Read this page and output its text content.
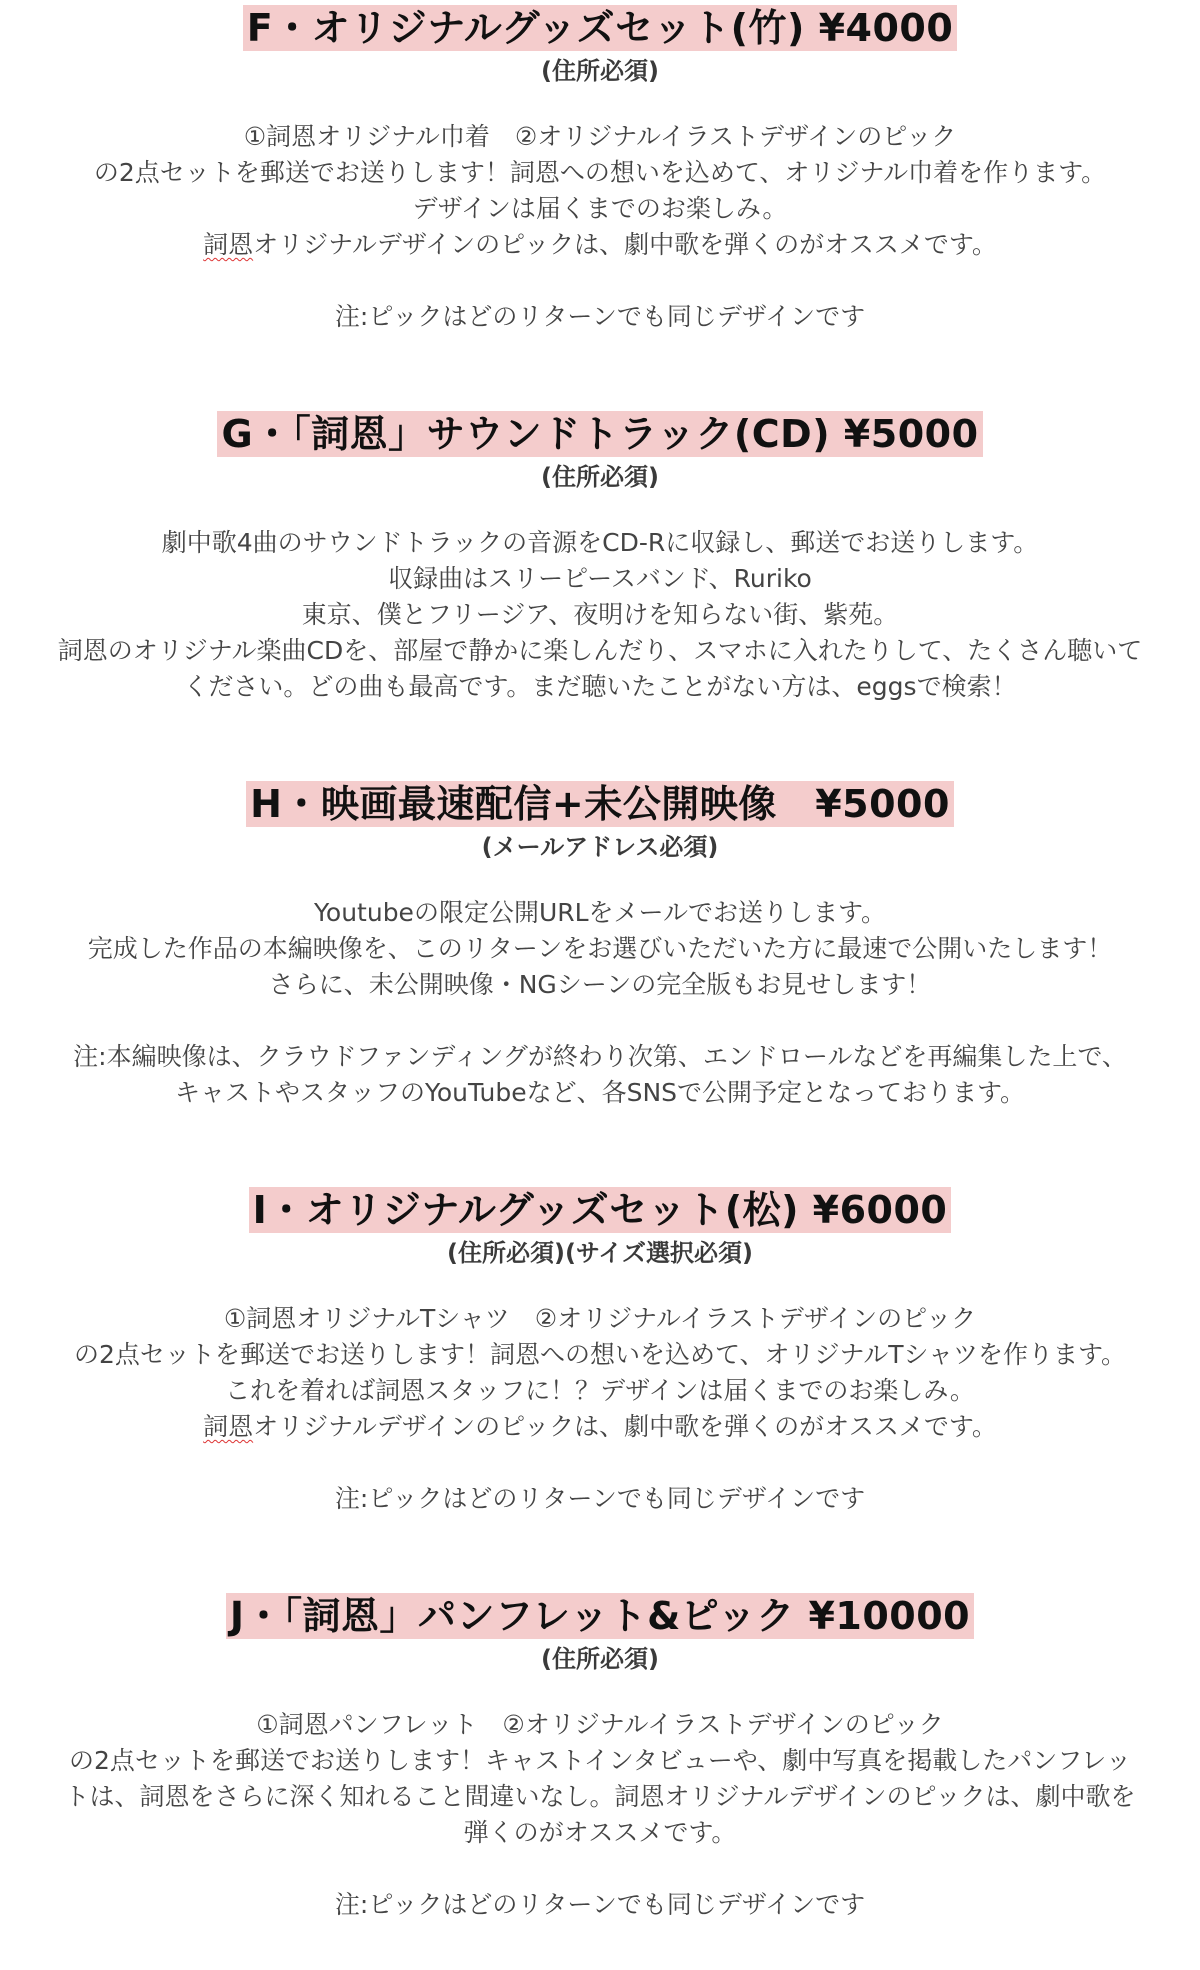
F・オリジナルグッズセット(竹) ¥4000
(住所必須)
①詞恩オリジナル巾着　②オリジナルイラストデザインのピック
の2点セットを郵送でお送りします！詞恩への想いを込めて、オリジナル巾着を作ります。
デザインは届くまでのお楽しみ。
詞恩オリジナルデザインのピックは、劇中歌を弾くのがオススメです。
注:ピックはどのリターンでも同じデザインです
G・「詞恩」サウンドトラック(CD) ¥5000
(住所必須)
劇中歌4曲のサウンドトラックの音源をCD-Rに収録し、郵送でお送りします。
収録曲はスリーピースバンド、Ruriko
東京、僕とフリージア、夜明けを知らない街、紫苑。
詞恩のオリジナル楽曲CDを、部屋で静かに楽しんだり、スマホに入れたりして、たくさん聴いて
ください。どの曲も最高です。まだ聴いたことがない方は、eggsで検索！
H・映画最速配信+未公開映像　¥5000
(メールアドレス必須)
Youtubeの限定公開URLをメールでお送りします。
完成した作品の本編映像を、このリターンをお選びいただいた方に最速で公開いたします！
さらに、未公開映像・NGシーンの完全版もお見せします！
注:本編映像は、クラウドファンディングが終わり次第、エンドロールなどを再編集した上で、
キャストやスタッフのYouTubeなど、各SNSで公開予定となっております。
I・オリジナルグッズセット(松) ¥6000
(住所必須)(サイズ選択必須)
①詞恩オリジナルTシャツ　②オリジナルイラストデザインのピック
の2点セットを郵送でお送りします！詞恩への想いを込めて、オリジナルTシャツを作ります。
これを着れば詞恩スタッフに！？デザインは届くまでのお楽しみ。
詞恩オリジナルデザインのピックは、劇中歌を弾くのがオススメです。
注:ピックはどのリターンでも同じデザインです
J・「詞恩」パンフレット&ピック ¥10000
(住所必須)
①詞恩パンフレット　②オリジナルイラストデザインのピック
の2点セットを郵送でお送りします！キャストインタビューや、劇中写真を掲載したパンフレッ
トは、詞恩をさらに深く知れること間違いなし。詞恩オリジナルデザインのピックは、劇中歌を
弾くのがオススメです。
注:ピックはどのリターンでも同じデザインです
